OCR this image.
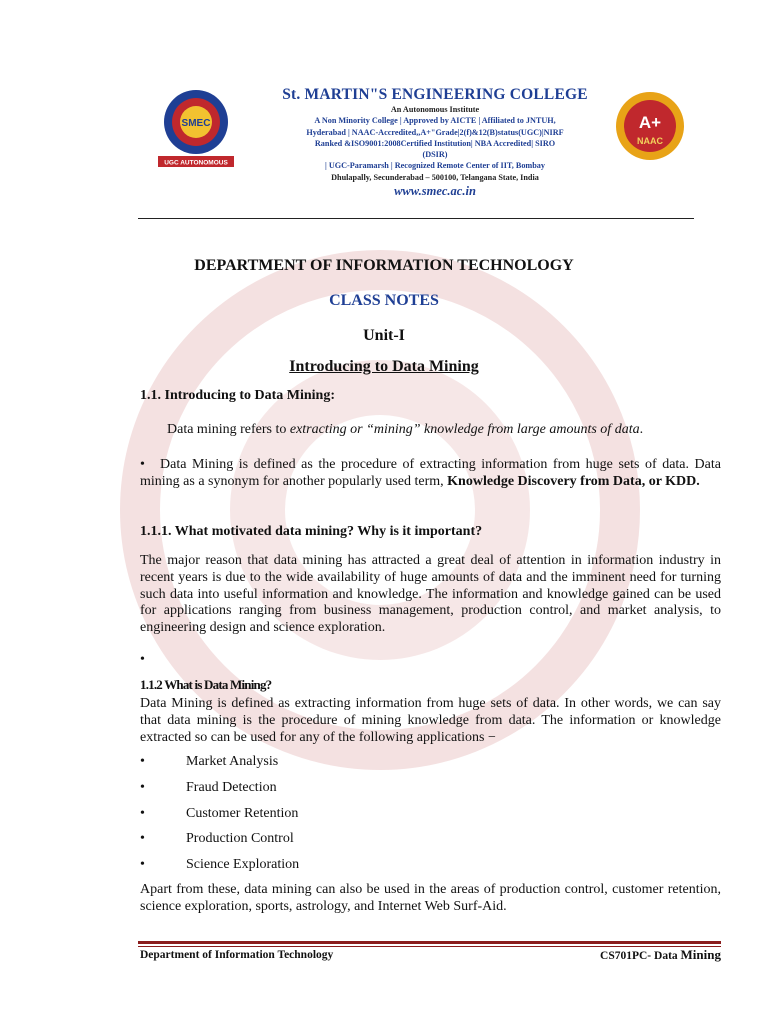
SMEC
UGC AUTONOMOUS
St. MARTIN"S ENGINEERING COLLEGE
An Autonomous Institute
A Non Minority College | Approved by AICTE | Affiliated to JNTUH,
Hyderabad | NAAC-Accredited,,A+"Grade|2(f)&12(B)status(UGC)|NIRF
Ranked &ISO9001:2008Certified Institution| NBA Accredited| SIRO
(DSIR)
| UGC-Paramarsh | Recognized Remote Center of IIT, Bombay
Dhulapally, Secunderabad – 500100, Telangana State, India
www.smec.ac.in
A+
NAAC
DEPARTMENT OF INFORMATION TECHNOLOGY
CLASS NOTES
Unit-I
Introducing to Data Mining
1.1. Introducing to Data Mining:
Data mining refers to extracting or “mining” knowledge from large amounts of data.
• Data Mining is defined as the procedure of extracting information from huge sets of data. Data mining as a synonym for another popularly used term, Knowledge Discovery from Data, or KDD.
1.1.1. What motivated data mining? Why is it important?
The major reason that data mining has attracted a great deal of attention in information industry in recent years is due to the wide availability of huge amounts of data and the imminent need for turning such data into useful information and knowledge. The information and knowledge gained can be used for applications ranging from business management, production control, and market analysis, to engineering design and science exploration.
•
1.1.2 What is Data Mining?
Data Mining is defined as extracting information from huge sets of data. In other words, we can say that data mining is the procedure of mining knowledge from data. The information or knowledge extracted so can be used for any of the following applications −
•	Market Analysis
•	Fraud Detection
•	Customer Retention
•	Production Control
•	Science Exploration
Apart from these, data mining can also be used in the areas of production control, customer retention, science exploration, sports, astrology, and Internet Web Surf-Aid.
Department of Information Technology	CS701PC- Data Mining
